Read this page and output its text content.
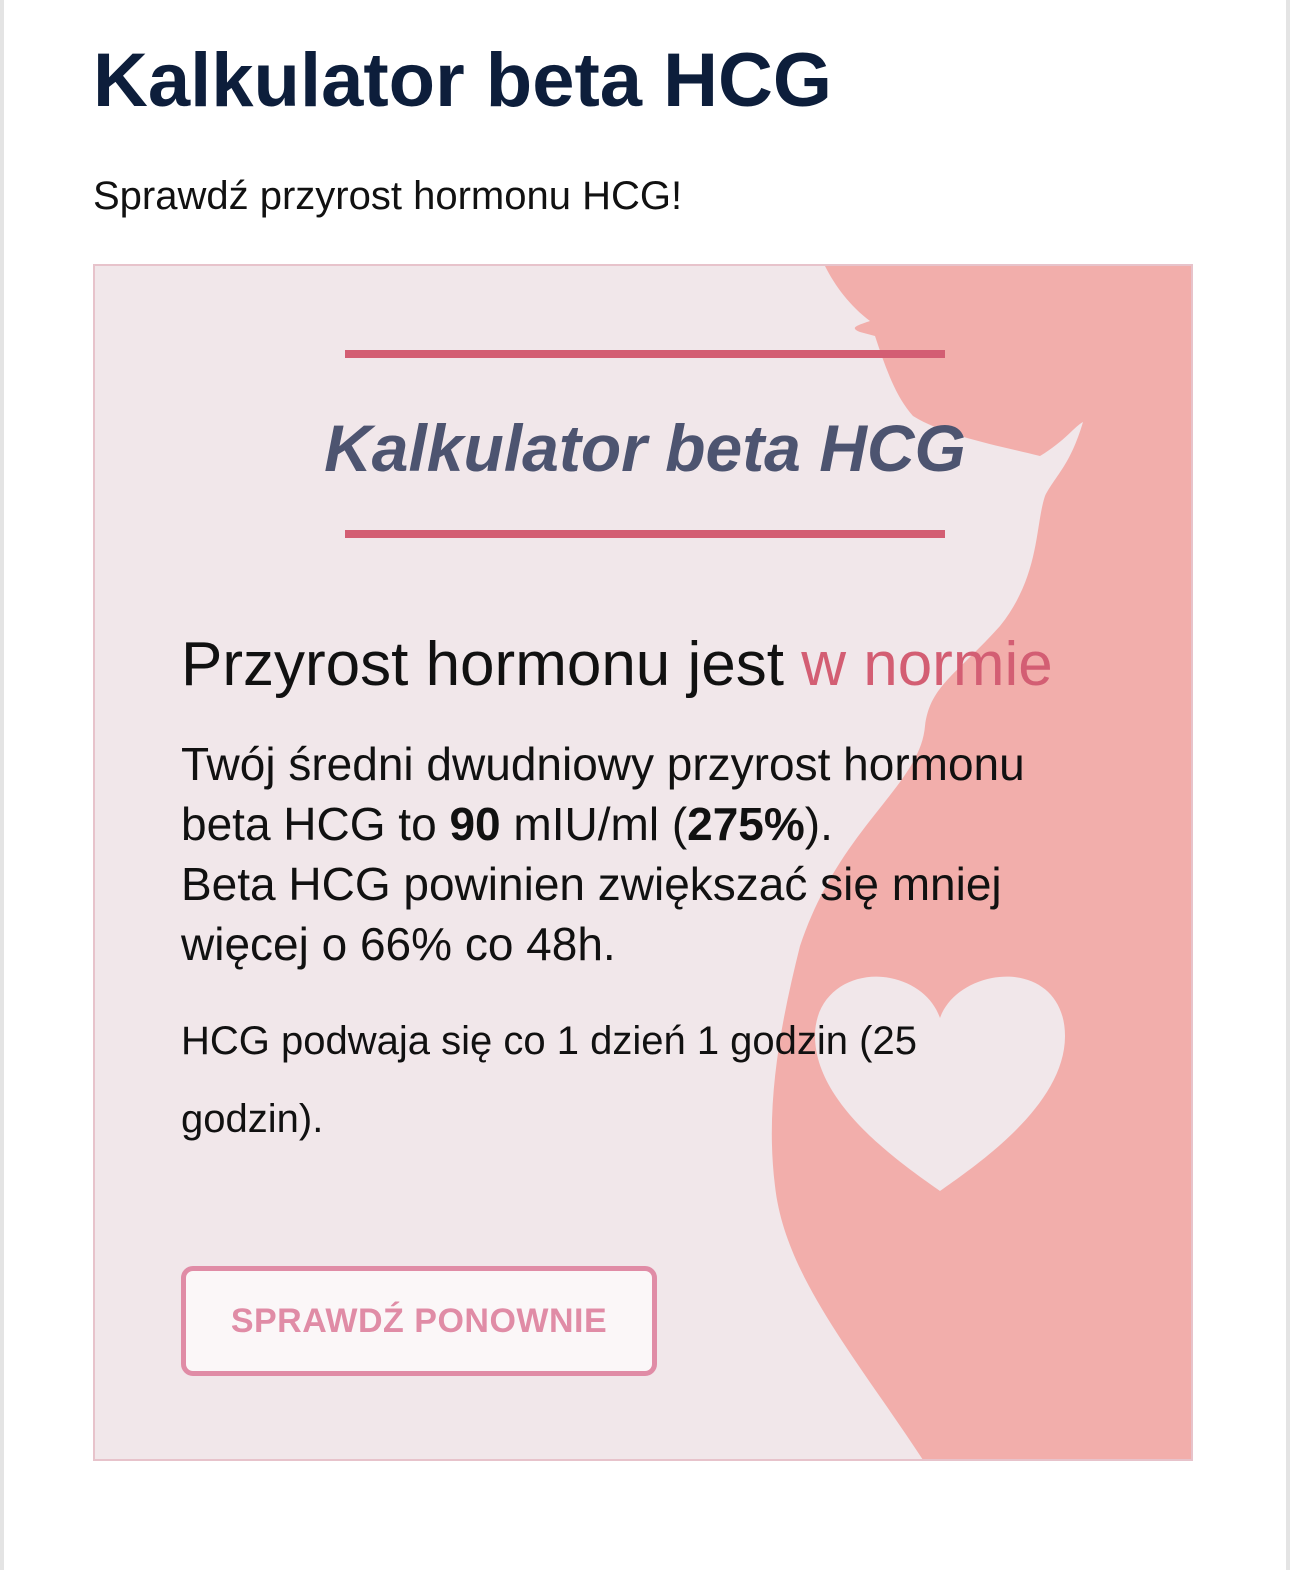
Kalkulator beta HCG

Sprawdź przyrost hormonu HCG!

Kalkulator beta HCG
Przyrost hormonu jest w normie

Twój średni dwudniowy przyrost hormonu beta HCG to 90 mIU/ml (275%).
Beta HCG powinien zwiększać się mniej więcej o 66% co 48h.

HCG podwaja się co 1 dzień 1 godzin (25 godzin).

SPRAWDŹ PONOWNIE
